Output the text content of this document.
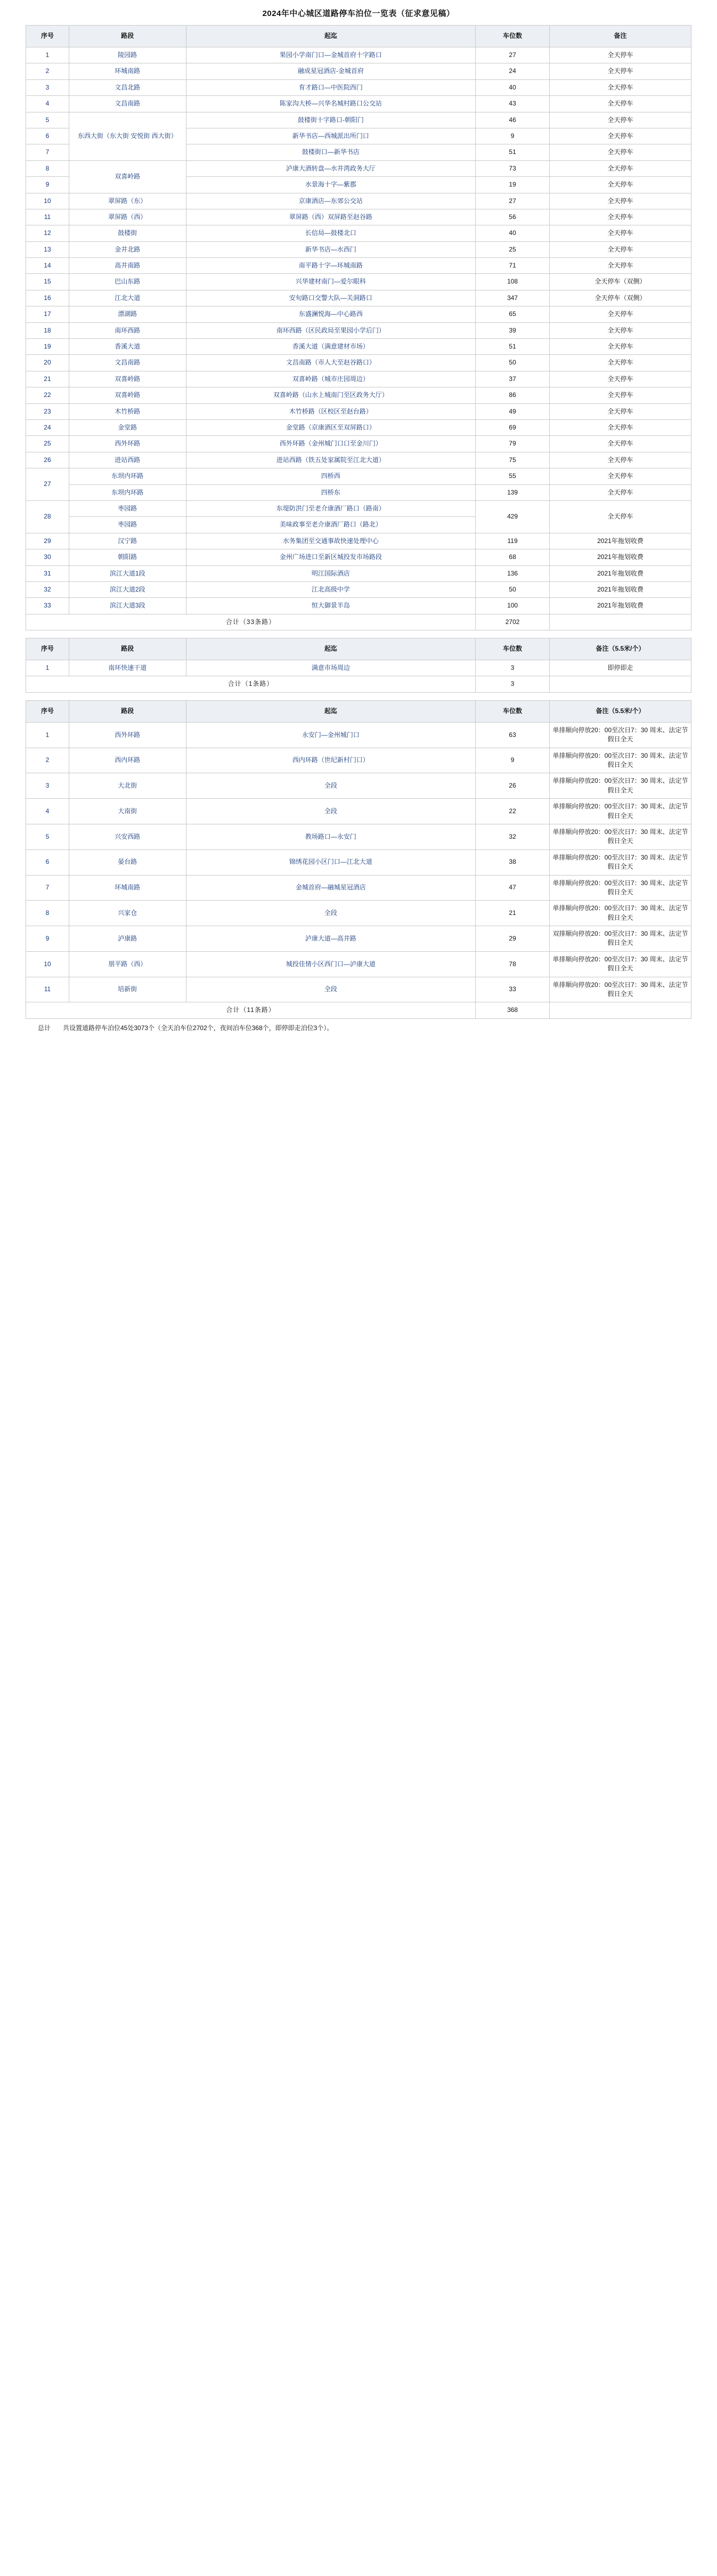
2024年中心城区道路停车泊位一览表（征求意见稿）
序号	路段	起迄	车位数	备注
1	陵园路	果园小学南门口—金城首府十字路口	27	全天停车
2	环城南路	融成星冠酒店-金城首府	24	全天停车
3	文昌北路	育才路口—中医院西门	40	全天停车
4	文昌南路	陈家沟大桥—兴华名城村路口公交站	43	全天停车
5	东西大街（东大街 安悦街 西大街）	鼓楼街十字路口-朝阳门	46	全天停车
6		新华书店—西城派出所门口	9	全天停车
7		鼓楼街口—新华书店	51	全天停车
8	双喜岭路	泸康大酒转盘—水井湾政务大厅	73	全天停车
9		水景海十字—紫郡	19	全天停车
10	翠屏路（东）	京康酒店—东郊公交站	27	全天停车
11	翠屏路（西）	翠屏路（西）双屏路至赵谷路	56	全天停车
12	鼓楼街	长信局—鼓楼北口	40	全天停车
13	金井北路	新华书店—水西门	25	全天停车
14	高井南路	南平路十字—环城南路	71	全天停车
15	巴山东路	兴华建材南门—爱尔眼科	108	全天停车（双侧）
16	江北大道	安旬路口交警大队—关洞路口	347	全天停车（双侧）
17	漂湖路	东盛澜悦海—中心路西	65	全天停车
18	南环西路	南环西路（区民政局至果园小学后门）	39	全天停车
19	香溪大道	香溪大道（满意建材市场）	51	全天停车
20	文昌南路	文昌南路（市人大至赵谷路口）	50	全天停车
21	双喜岭路	双喜岭路（城市庄园周边）	37	全天停车
22	双喜岭路	双喜岭路（山水上城南门至区政务大厅）	86	全天停车
23	木竹桥路	木竹桥路（区校区至赵台路）	49	全天停车
24	金堂路	金堂路（京康酒区至双屏路口）	69	全天停车
25	西外环路	西外环路（金州城门口口至金川门）	79	全天停车
26	进站西路	进站西路（铁五处家属院至江北大道）	75	全天停车
27	东坝内环路	四桥西	55	全天停车
	东坝内环路	四桥东	139	全天停车
28	枣园路	东堤防洪门至老介康酒厂路口（路南）	429	全天停车
	枣园路	美味政事至老介康酒厂路口（路北）		
29	汉宁路	水务集团至交通事故快速处理中心	119	2021年拖划收费
30	朝阳路	金州广场进口至新区城投发市场路段	68	2021年拖划收费
31	滨江大道1段	明江国际酒店	136	2021年拖划收费
32	滨江大道2段	江北高级中学	50	2021年拖划收费
33	滨江大道3段	恒大御景半岛	100	2021年拖划收费
合计（33条路）			2702	
序号	路段	起迄	车位数	备注（5.5米/个）
1	南环快速干道	满意市场周边	3	即停即走
合计（1条路）			3	
序号	路段	起迄	车位数	备注（5.5米/个）
1	西外环路	永安门—金州城门口	63	单排顺向停放20：00至次日7：30 周末、法定节假日全天
2	西内环路	西内环路（世纪新村门口）	9	单排顺向停放20：00至次日7：30 周末、法定节假日全天
3	大北街	全段	26	单排顺向停放20：00至次日7：30 周末、法定节假日全天
4	大南街	全段	22	单排顺向停放20：00至次日7：30 周末、法定节假日全天
5	兴安西路	教场路口—永安门	32	单排顺向停放20：00至次日7：30 周末、法定节假日全天
6	晏台路	锦绣花园小区门口—江北大道	38	单排顺向停放20：00至次日7：30 周末、法定节假日全天
7	环城南路	金城首府—融城星冠酒店	47	单排顺向停放20：00至次日7：30 周末、法定节假日全天
8	兴家仓	全段	21	单排顺向停放20：00至次日7：30 周末、法定节假日全天
9	泸康路	泸康大道—高井路	29	双排顺向停放20：00至次日7：30 周末、法定节假日全天
10	朋平路（西）	城投佳情小区西门口—泸康大道	78	单排顺向停放20：00至次日7：30 周末、法定节假日全天
11	培新街	全段	33	单排顺向停放20：00至次日7：30 周末、法定节假日全天
合计（11条路）			368	
总计	共设置道路停车泊位45处3073个（全天泊车位2702个，夜间泊车位368个，即停即走泊位3个）。
